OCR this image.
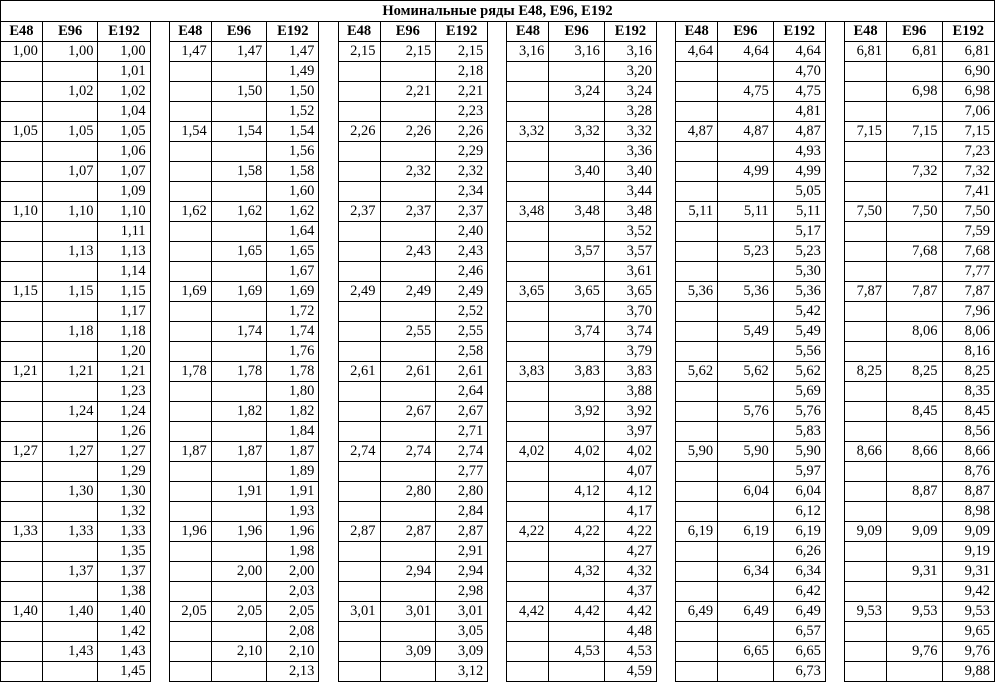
Номинальные ряды E48, E96, E192																						
E48	E96	E192		E48	E96	E192		E48	E96	E192		E48	E96	E192		E48	E96	E192		E48	E96	E192
1,00	1,00	1,00		1,47	1,47	1,47		2,15	2,15	2,15		3,16	3,16	3,16		4,64	4,64	4,64		6,81	6,81	6,81
		1,01				1,49				2,18				3,20				4,70				6,90
	1,02	1,02			1,50	1,50			2,21	2,21			3,24	3,24			4,75	4,75			6,98	6,98
		1,04				1,52				2,23				3,28				4,81				7,06
1,05	1,05	1,05		1,54	1,54	1,54		2,26	2,26	2,26		3,32	3,32	3,32		4,87	4,87	4,87		7,15	7,15	7,15
		1,06				1,56				2,29				3,36				4,93				7,23
	1,07	1,07			1,58	1,58			2,32	2,32			3,40	3,40			4,99	4,99			7,32	7,32
		1,09				1,60				2,34				3,44				5,05				7,41
1,10	1,10	1,10		1,62	1,62	1,62		2,37	2,37	2,37		3,48	3,48	3,48		5,11	5,11	5,11		7,50	7,50	7,50
		1,11				1,64				2,40				3,52				5,17				7,59
	1,13	1,13			1,65	1,65			2,43	2,43			3,57	3,57			5,23	5,23			7,68	7,68
		1,14				1,67				2,46				3,61				5,30				7,77
1,15	1,15	1,15		1,69	1,69	1,69		2,49	2,49	2,49		3,65	3,65	3,65		5,36	5,36	5,36		7,87	7,87	7,87
		1,17				1,72				2,52				3,70				5,42				7,96
	1,18	1,18			1,74	1,74			2,55	2,55			3,74	3,74			5,49	5,49			8,06	8,06
		1,20				1,76				2,58				3,79				5,56				8,16
1,21	1,21	1,21		1,78	1,78	1,78		2,61	2,61	2,61		3,83	3,83	3,83		5,62	5,62	5,62		8,25	8,25	8,25
		1,23				1,80				2,64				3,88				5,69				8,35
	1,24	1,24			1,82	1,82			2,67	2,67			3,92	3,92			5,76	5,76			8,45	8,45
		1,26				1,84				2,71				3,97				5,83				8,56
1,27	1,27	1,27		1,87	1,87	1,87		2,74	2,74	2,74		4,02	4,02	4,02		5,90	5,90	5,90		8,66	8,66	8,66
		1,29				1,89				2,77				4,07				5,97				8,76
	1,30	1,30			1,91	1,91			2,80	2,80			4,12	4,12			6,04	6,04			8,87	8,87
		1,32				1,93				2,84				4,17				6,12				8,98
1,33	1,33	1,33		1,96	1,96	1,96		2,87	2,87	2,87		4,22	4,22	4,22		6,19	6,19	6,19		9,09	9,09	9,09
		1,35				1,98				2,91				4,27				6,26				9,19
	1,37	1,37			2,00	2,00			2,94	2,94			4,32	4,32			6,34	6,34			9,31	9,31
		1,38				2,03				2,98				4,37				6,42				9,42
1,40	1,40	1,40		2,05	2,05	2,05		3,01	3,01	3,01		4,42	4,42	4,42		6,49	6,49	6,49		9,53	9,53	9,53
		1,42				2,08				3,05				4,48				6,57				9,65
	1,43	1,43			2,10	2,10			3,09	3,09			4,53	4,53			6,65	6,65			9,76	9,76
		1,45				2,13				3,12				4,59				6,73				9,88
